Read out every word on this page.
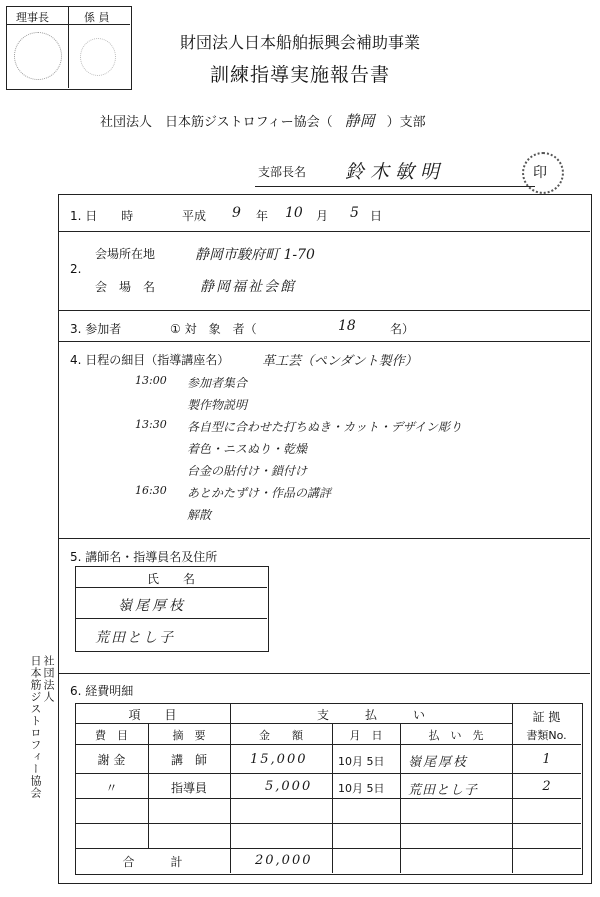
理事長	係 員
財団法人日本船舶振興会補助事業
訓練指導実施報告書
社団法人　日本筋ジストロフィー協会（ 静岡 ）支部
支部長名 鈴木敏明	印
1. 日　　時	平成 9 年 10 月 5 日
2.
会場所在地	静岡市駿府町 1-70
会　場　名	静岡福祉会館
3. 参加者	① 対　象　者（	18	名）
4. 日程の細目（指導講座名）	革工芸（ペンダント製作）
13:00	参加者集合
製作物説明
13:30	各自型に合わせた打ちぬき・カット・デザイン彫り
着色・ニスぬり・乾燥
台金の貼付け・鎖付け
16:30	あとかたずけ・作品の講評
解散
5. 講師名・指導員名及住所
氏　　名
嶺尾厚枝
荒田とし子
6. 経費明細
項　　目	支　　　払　　　い	証 拠
費　目	摘　要	金　　額	月　日	払　い　先	書類No.
謝 金	講　師	15,000	10月 5日 嶺尾厚枝	1
〃	指導員	5,000 10月 5日 荒田とし子	2
合　　　計	20,000
社団法人
日本筋ジストロフィー協会
